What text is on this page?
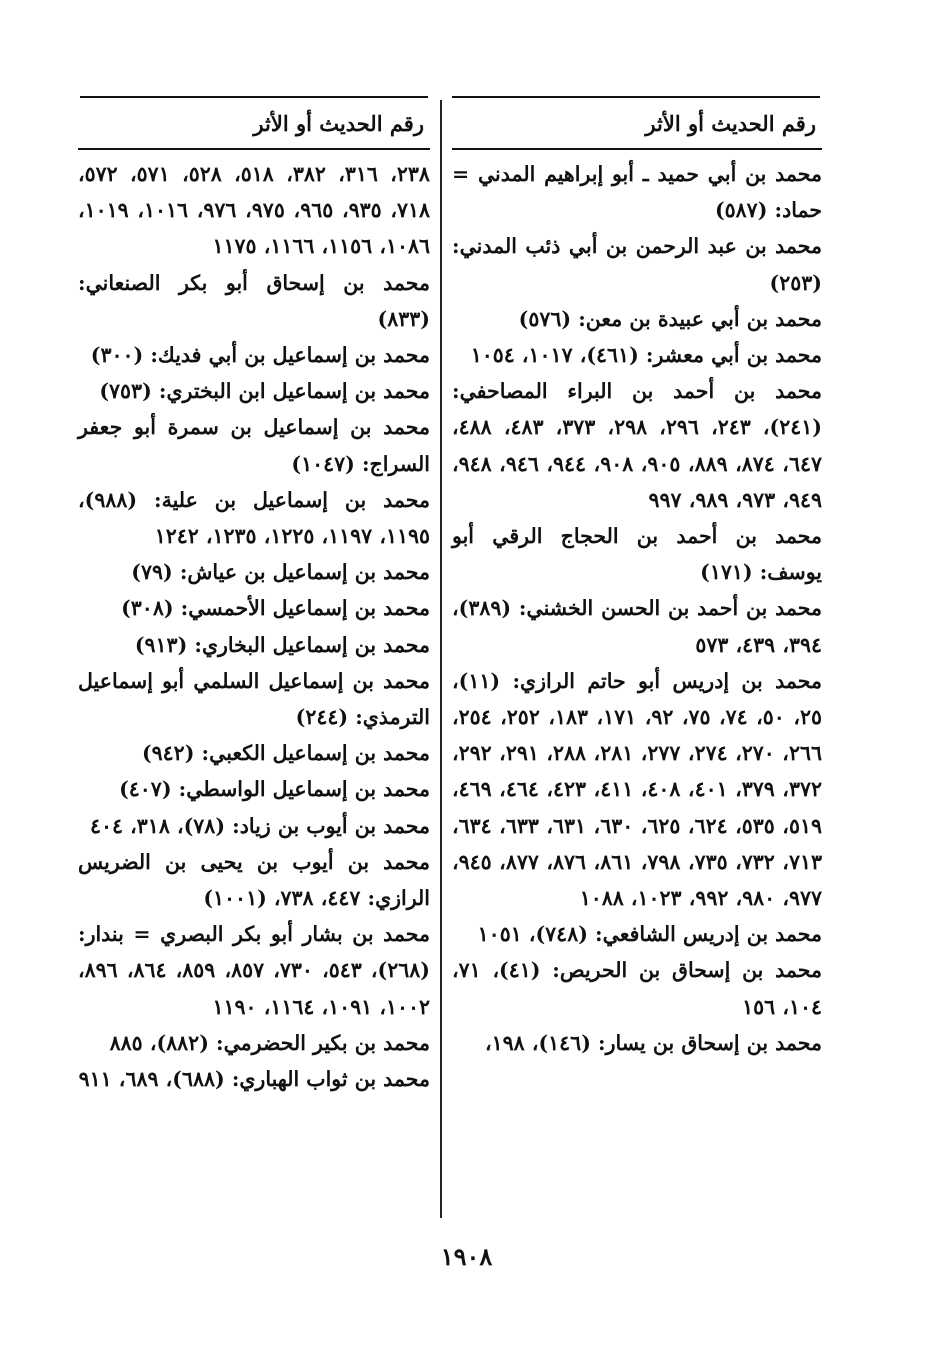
رقم الحديث أو الأثر
محمد بن أبي حميد ـ أبو إبراهيم المدني = حماد: (٥٨٧)
محمد بن عبد الرحمن بن أبي ذئب المدني: (٢٥٣)
محمد بن أبي عبيدة بن معن: (٥٧٦)
محمد بن أبي معشر: (٤٦١)، ١٠١٧، ١٠٥٤
محمد بن أحمد بن البراء المصاحفي: (٢٤١)، ٢٤٣، ٢٩٦، ٢٩٨، ٣٧٣، ٤٨٣، ٤٨٨، ٦٤٧، ٨٧٤، ٨٨٩، ٩٠٥، ٩٠٨، ٩٤٤، ٩٤٦، ٩٤٨، ٩٤٩، ٩٧٣، ٩٨٩، ٩٩٧
محمد بن أحمد بن الحجاج الرقي أبو يوسف: (١٧١)
محمد بن أحمد بن الحسن الخشني: (٣٨٩)، ٣٩٤، ٤٣٩، ٥٧٣
محمد بن إدريس أبو حاتم الرازي: (١١)، ٢٥، ٥٠، ٧٤، ٧٥، ٩٢، ١٧١، ١٨٣، ٢٥٢، ٢٥٤، ٢٦٦، ٢٧٠، ٢٧٤، ٢٧٧، ٢٨١، ٢٨٨، ٢٩١، ٢٩٢، ٣٧٢، ٣٧٩، ٤٠١، ٤٠٨، ٤١١، ٤٢٣، ٤٦٤، ٤٦٩، ٥١٩، ٥٣٥، ٦٢٤، ٦٢٥، ٦٣٠، ٦٣١، ٦٣٣، ٦٣٤، ٧١٣، ٧٣٢، ٧٣٥، ٧٩٨، ٨٦١، ٨٧٦، ٨٧٧، ٩٤٥، ٩٧٧، ٩٨٠، ٩٩٢، ١٠٢٣، ١٠٨٨
محمد بن إدريس الشافعي: (٧٤٨)، ١٠٥١
محمد بن إسحاق بن الحريص: (٤١)، ٧١، ١٠٤، ١٥٦
محمد بن إسحاق بن يسار: (١٤٦)، ١٩٨،
رقم الحديث أو الأثر
٢٣٨، ٣١٦، ٣٨٢، ٥١٨، ٥٢٨، ٥٧١، ٥٧٢، ٧١٨، ٩٣٥، ٩٦٥، ٩٧٥، ٩٧٦، ١٠١٦، ١٠١٩، ١٠٨٦، ١١٥٦، ١١٦٦، ١١٧٥
محمد بن إسحاق أبو بكر الصنعاني: (٨٣٣)
محمد بن إسماعيل بن أبي فديك: (٣٠٠)
محمد بن إسماعيل ابن البختري: (٧٥٣)
محمد بن إسماعيل بن سمرة أبو جعفر السراج: (١٠٤٧)
محمد بن إسماعيل بن علية: (٩٨٨)، ١١٩٥، ١١٩٧، ١٢٢٥، ١٢٣٥، ١٢٤٢
محمد بن إسماعيل بن عياش: (٧٩)
محمد بن إسماعيل الأحمسي: (٣٠٨)
محمد بن إسماعيل البخاري: (٩١٣)
محمد بن إسماعيل السلمي أبو إسماعيل الترمذي: (٢٤٤)
محمد بن إسماعيل الكعبي: (٩٤٢)
محمد بن إسماعيل الواسطي: (٤٠٧)
محمد بن أيوب بن زياد: (٧٨)، ٣١٨، ٤٠٤
محمد بن أيوب بن يحيى بن الضريس الرازي: ٤٤٧، ٧٣٨، (١٠٠١)
محمد بن بشار أبو بكر البصري = بندار: (٢٦٨)، ٥٤٣، ٧٣٠، ٨٥٧، ٨٥٩، ٨٦٤، ٨٩٦، ١٠٠٢، ١٠٩١، ١١٦٤، ١١٩٠
محمد بن بكير الحضرمي: (٨٨٢)، ٨٨٥
محمد بن ثواب الهباري: (٦٨٨)، ٦٨٩، ٩١١
١٩٠٨
